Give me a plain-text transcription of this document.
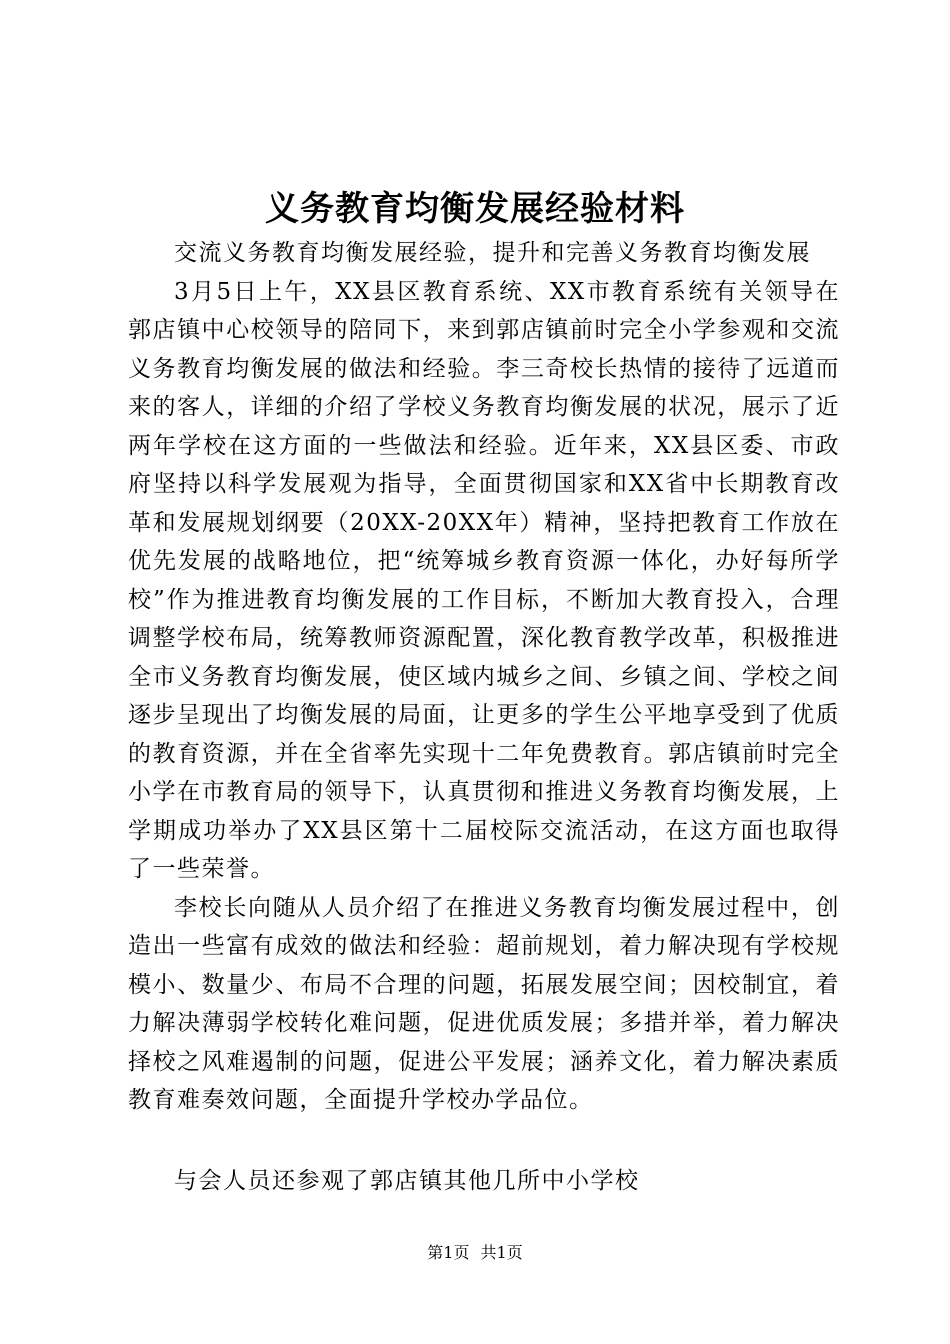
义务教育均衡发展经验材料

交流义务教育均衡发展经验，提升和完善义务教育均衡发展

3月5日上午，XX县区教育系统、XX市教育系统有关领导在郭店镇中心校领导的陪同下，来到郭店镇前时完全小学参观和交流义务教育均衡发展的做法和经验。李三奇校长热情的接待了远道而来的客人，详细的介绍了学校义务教育均衡发展的状况，展示了近两年学校在这方面的一些做法和经验。近年来，XX县区委、市政府坚持以科学发展观为指导，全面贯彻国家和XX省中长期教育改革和发展规划纲要（20XX-20XX年）精神，坚持把教育工作放在优先发展的战略地位，把“统筹城乡教育资源一体化，办好每所学校”作为推进教育均衡发展的工作目标，不断加大教育投入，合理调整学校布局，统筹教师资源配置，深化教育教学改革，积极推进全市义务教育均衡发展，使区域内城乡之间、乡镇之间、学校之间逐步呈现出了均衡发展的局面，让更多的学生公平地享受到了优质的教育资源，并在全省率先实现十二年免费教育。郭店镇前时完全小学在市教育局的领导下，认真贯彻和推进义务教育均衡发展，上学期成功举办了XX县区第十二届校际交流活动，在这方面也取得了一些荣誉。

李校长向随从人员介绍了在推进义务教育均衡发展过程中，创造出一些富有成效的做法和经验：超前规划，着力解决现有学校规模小、数量少、布局不合理的问题，拓展发展空间；因校制宜，着力解决薄弱学校转化难问题，促进优质发展；多措并举，着力解决择校之风难遏制的问题，促进公平发展；涵养文化，着力解决素质教育难奏效问题，全面提升学校办学品位。

与会人员还参观了郭店镇其他几所中小学校

第1页 共1页
